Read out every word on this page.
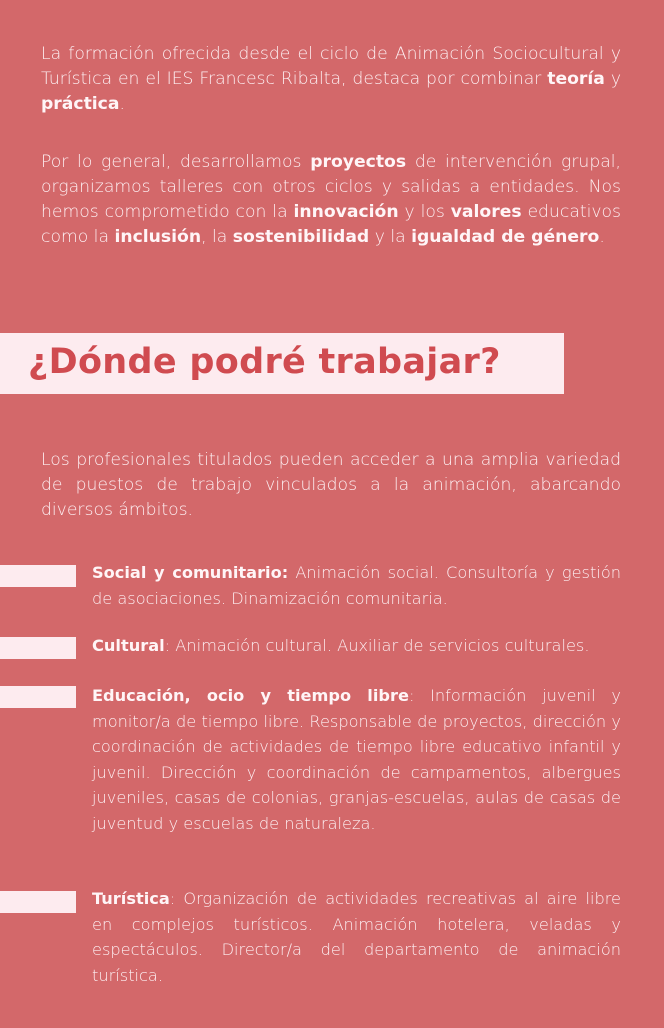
La formación ofrecida desde el ciclo de Animación Sociocultural y Turística en el IES Francesc Ribalta, destaca por combinar teoría y práctica.
Por lo general, desarrollamos proyectos de intervención grupal, organizamos talleres con otros ciclos y salidas a entidades. Nos hemos comprometido con la innovación y los valores educativos como la inclusión, la sostenibilidad y la igualdad de género.
¿Dónde podré trabajar?
Los profesionales titulados pueden acceder a una amplia variedad de puestos de trabajo vinculados a la animación, abarcando diversos ámbitos.
Social y comunitario: Animación social. Consultoría y gestión de asociaciones. Dinamización comunitaria.
Cultural: Animación cultural. Auxiliar de servicios culturales.
Educación, ocio y tiempo libre: Información juvenil y monitor/a de tiempo libre. Responsable de proyectos, dirección y coordinación de actividades de tiempo libre educativo infantil y juvenil. Dirección y coordinación de campamentos, albergues juveniles, casas de colonias, granjas-escuelas, aulas de casas de juventud y escuelas de naturaleza.
Turística: Organización de actividades recreativas al aire libre en complejos turísticos. Animación hotelera, veladas y espectáculos. Director/a del departamento de animación turística.
